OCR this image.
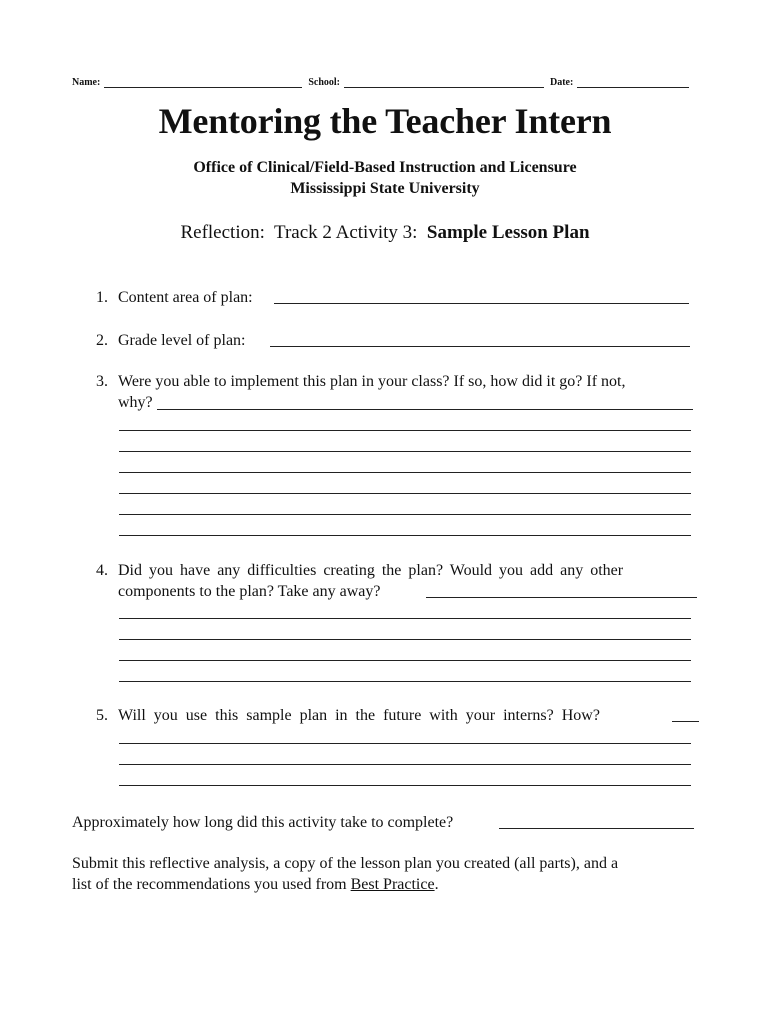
Name:	School:	Date:
Mentoring the Teacher Intern
Office of Clinical/Field-Based Instruction and Licensure
Mississippi State University
Reflection:  Track 2 Activity 3:  Sample Lesson Plan
1. Content area of plan:
2. Grade level of plan:
3. Were you able to implement this plan in your class? If so, how did it go? If not,
why?
4. Did you have any difficulties creating the plan? Would you add any other
components to the plan? Take any away?
5. Will you use this sample plan in the future with your interns? How?
Approximately how long did this activity take to complete?
Submit this reflective analysis, a copy of the lesson plan you created (all parts), and a
list of the recommendations you used from Best Practice.
